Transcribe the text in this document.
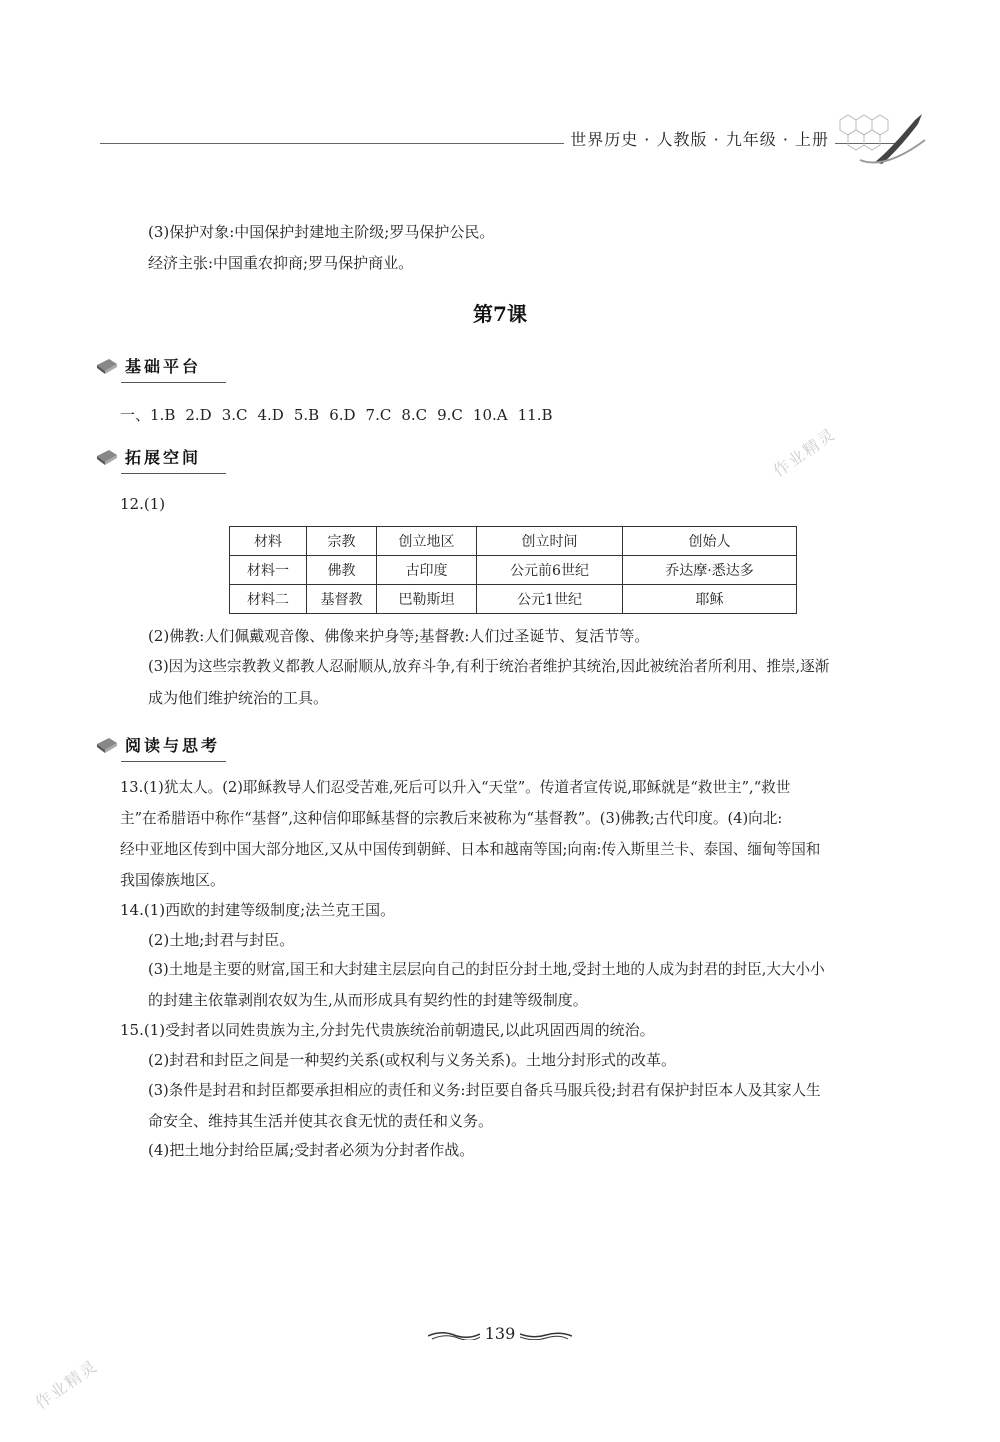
世界历史 · 人教版 · 九年级 · 上册
(3)保护对象:中国保护封建地主阶级;罗马保护公民。
经济主张:中国重农抑商;罗马保护商业。
第7课
基础平台
一、1.B 2.D 3.C 4.D 5.B 6.D 7.C 8.C 9.C 10.A 11.B
拓展空间
12.(1)
材料	宗教	创立地区	创立时间	创始人
材料一	佛教	古印度	公元前6世纪	乔达摩·悉达多
材料二	基督教	巴勒斯坦	公元1世纪	耶稣
(2)佛教:人们佩戴观音像、佛像来护身等;基督教:人们过圣诞节、复活节等。
(3)因为这些宗教教义都教人忍耐顺从,放弃斗争,有利于统治者维护其统治,因此被统治者所利用、推崇,逐渐
成为他们维护统治的工具。
阅读与思考
13.(1)犹太人。(2)耶稣教导人们忍受苦难,死后可以升入“天堂”。传道者宣传说,耶稣就是“救世主”,“救世
主”在希腊语中称作“基督”,这种信仰耶稣基督的宗教后来被称为“基督教”。(3)佛教;古代印度。(4)向北:
经中亚地区传到中国大部分地区,又从中国传到朝鲜、日本和越南等国;向南:传入斯里兰卡、泰国、缅甸等国和
我国傣族地区。
14.(1)西欧的封建等级制度;法兰克王国。
(2)土地;封君与封臣。
(3)土地是主要的财富,国王和大封建主层层向自己的封臣分封土地,受封土地的人成为封君的封臣,大大小小
的封建主依靠剥削农奴为生,从而形成具有契约性的封建等级制度。
15.(1)受封者以同姓贵族为主,分封先代贵族统治前朝遗民,以此巩固西周的统治。
(2)封君和封臣之间是一种契约关系(或权利与义务关系)。土地分封形式的改革。
(3)条件是封君和封臣都要承担相应的责任和义务:封臣要自备兵马服兵役;封君有保护封臣本人及其家人生
命安全、维持其生活并使其衣食无忧的责任和义务。
(4)把土地分封给臣属;受封者必须为分封者作战。
139
作业精灵
作业精灵
